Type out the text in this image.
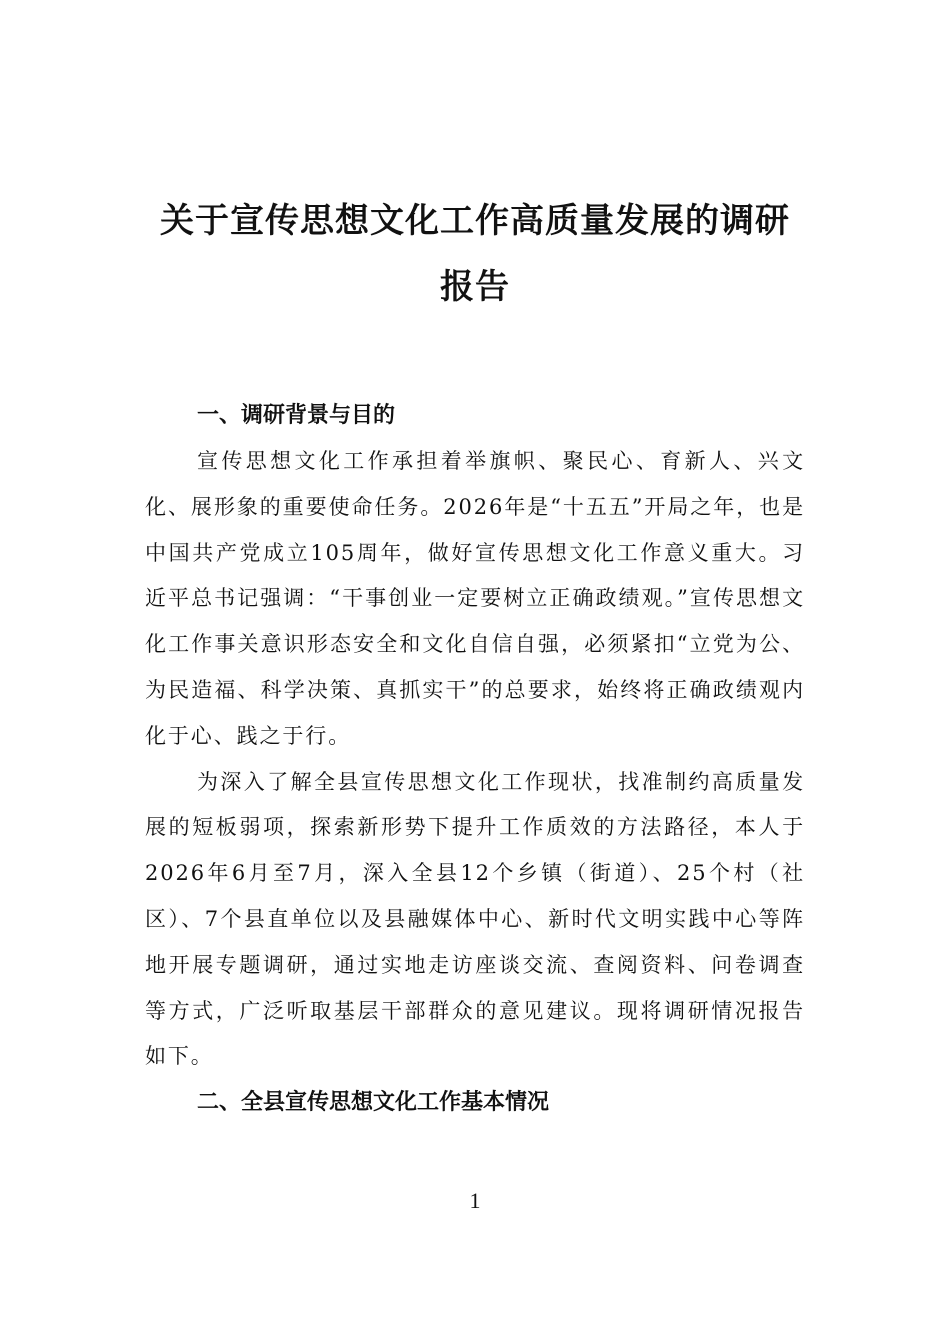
关于宣传思想文化工作高质量发展的调研报告
一、调研背景与目的

宣传思想文化工作承担着举旗帜、聚民心、育新人、兴文化、展形象的重要使命任务。2026年是“十五五”开局之年，也是中国共产党成立105周年，做好宣传思想文化工作意义重大。习近平总书记强调：“干事创业一定要树立正确政绩观。”宣传思想文化工作事关意识形态安全和文化自信自强，必须紧扣“立党为公、为民造福、科学决策、真抓实干”的总要求，始终将正确政绩观内化于心、践之于行。

为深入了解全县宣传思想文化工作现状，找准制约高质量发展的短板弱项，探索新形势下提升工作质效的方法路径，本人于2026年6月至7月，深入全县12个乡镇（街道）、25个村（社区）、7个县直单位以及县融媒体中心、新时代文明实践中心等阵地开展专题调研，通过实地走访座谈交流、查阅资料、问卷调查等方式，广泛听取基层干部群众的意见建议。现将调研情况报告如下。

二、全县宣传思想文化工作基本情况
1
